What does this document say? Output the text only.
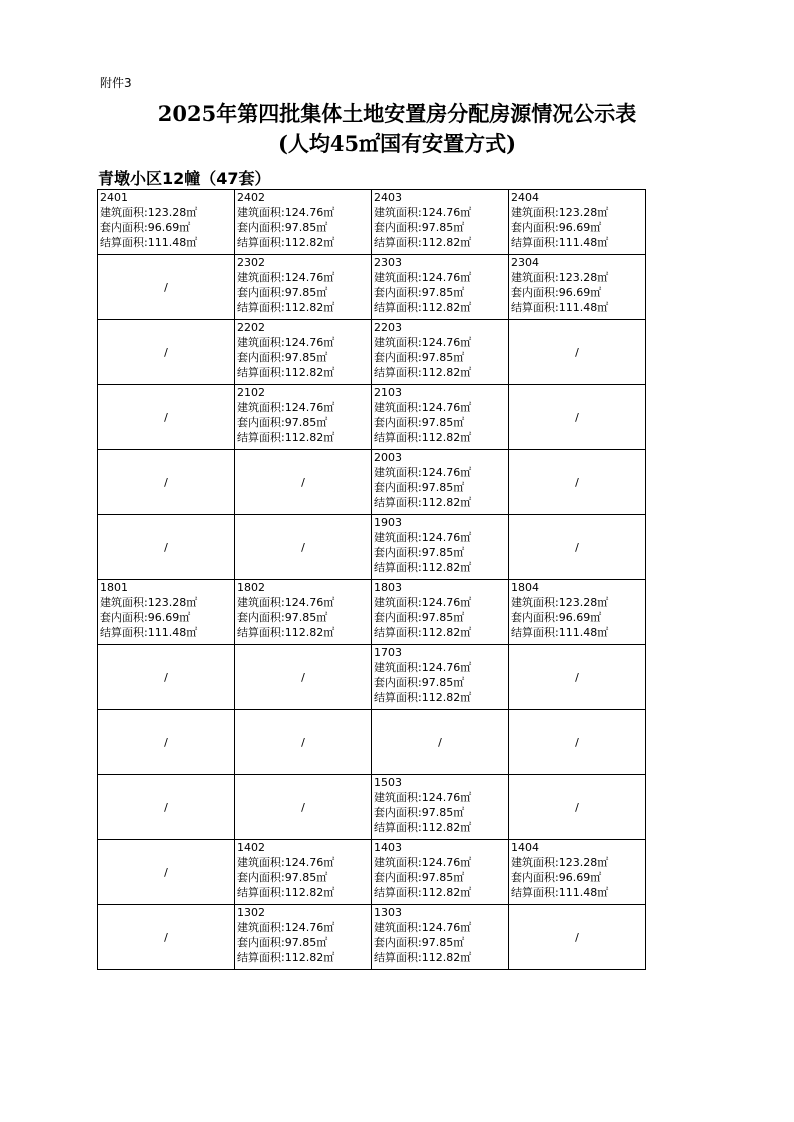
附件3
2025年第四批集体土地安置房分配房源情况公示表
(人均45㎡国有安置方式)
青墩小区12幢（47套）
2401
建筑面积:123.28㎡
套内面积:96.69㎡
结算面积:111.48㎡	2402
建筑面积:124.76㎡
套内面积:97.85㎡
结算面积:112.82㎡	2403
建筑面积:124.76㎡
套内面积:97.85㎡
结算面积:112.82㎡	2404
建筑面积:123.28㎡
套内面积:96.69㎡
结算面积:111.48㎡

/	2302
建筑面积:124.76㎡
套内面积:97.85㎡
结算面积:112.82㎡	2303
建筑面积:124.76㎡
套内面积:97.85㎡
结算面积:112.82㎡	2304
建筑面积:123.28㎡
套内面积:96.69㎡
结算面积:111.48㎡

/	2202
建筑面积:124.76㎡
套内面积:97.85㎡
结算面积:112.82㎡	2203
建筑面积:124.76㎡
套内面积:97.85㎡
结算面积:112.82㎡	/
/	2102
建筑面积:124.76㎡
套内面积:97.85㎡
结算面积:112.82㎡	2103
建筑面积:124.76㎡
套内面积:97.85㎡
结算面积:112.82㎡	/
/	/	2003
建筑面积:124.76㎡
套内面积:97.85㎡
结算面积:112.82㎡	/
/	/	1903
建筑面积:124.76㎡
套内面积:97.85㎡
结算面积:112.82㎡	/

1801
建筑面积:123.28㎡
套内面积:96.69㎡
结算面积:111.48㎡	1802
建筑面积:124.76㎡
套内面积:97.85㎡
结算面积:112.82㎡	1803
建筑面积:124.76㎡
套内面积:97.85㎡
结算面积:112.82㎡	1804
建筑面积:123.28㎡
套内面积:96.69㎡
结算面积:111.48㎡

/	/	1703
建筑面积:124.76㎡
套内面积:97.85㎡
结算面积:112.82㎡	/
/	/	/	/
/	/	1503
建筑面积:124.76㎡
套内面积:97.85㎡
结算面积:112.82㎡	/
/	1402
建筑面积:124.76㎡
套内面积:97.85㎡
结算面积:112.82㎡	1403
建筑面积:124.76㎡
套内面积:97.85㎡
结算面积:112.82㎡	1404
建筑面积:123.28㎡
套内面积:96.69㎡
结算面积:111.48㎡

/	1302
建筑面积:124.76㎡
套内面积:97.85㎡
结算面积:112.82㎡	1303
建筑面积:124.76㎡
套内面积:97.85㎡
结算面积:112.82㎡	/
